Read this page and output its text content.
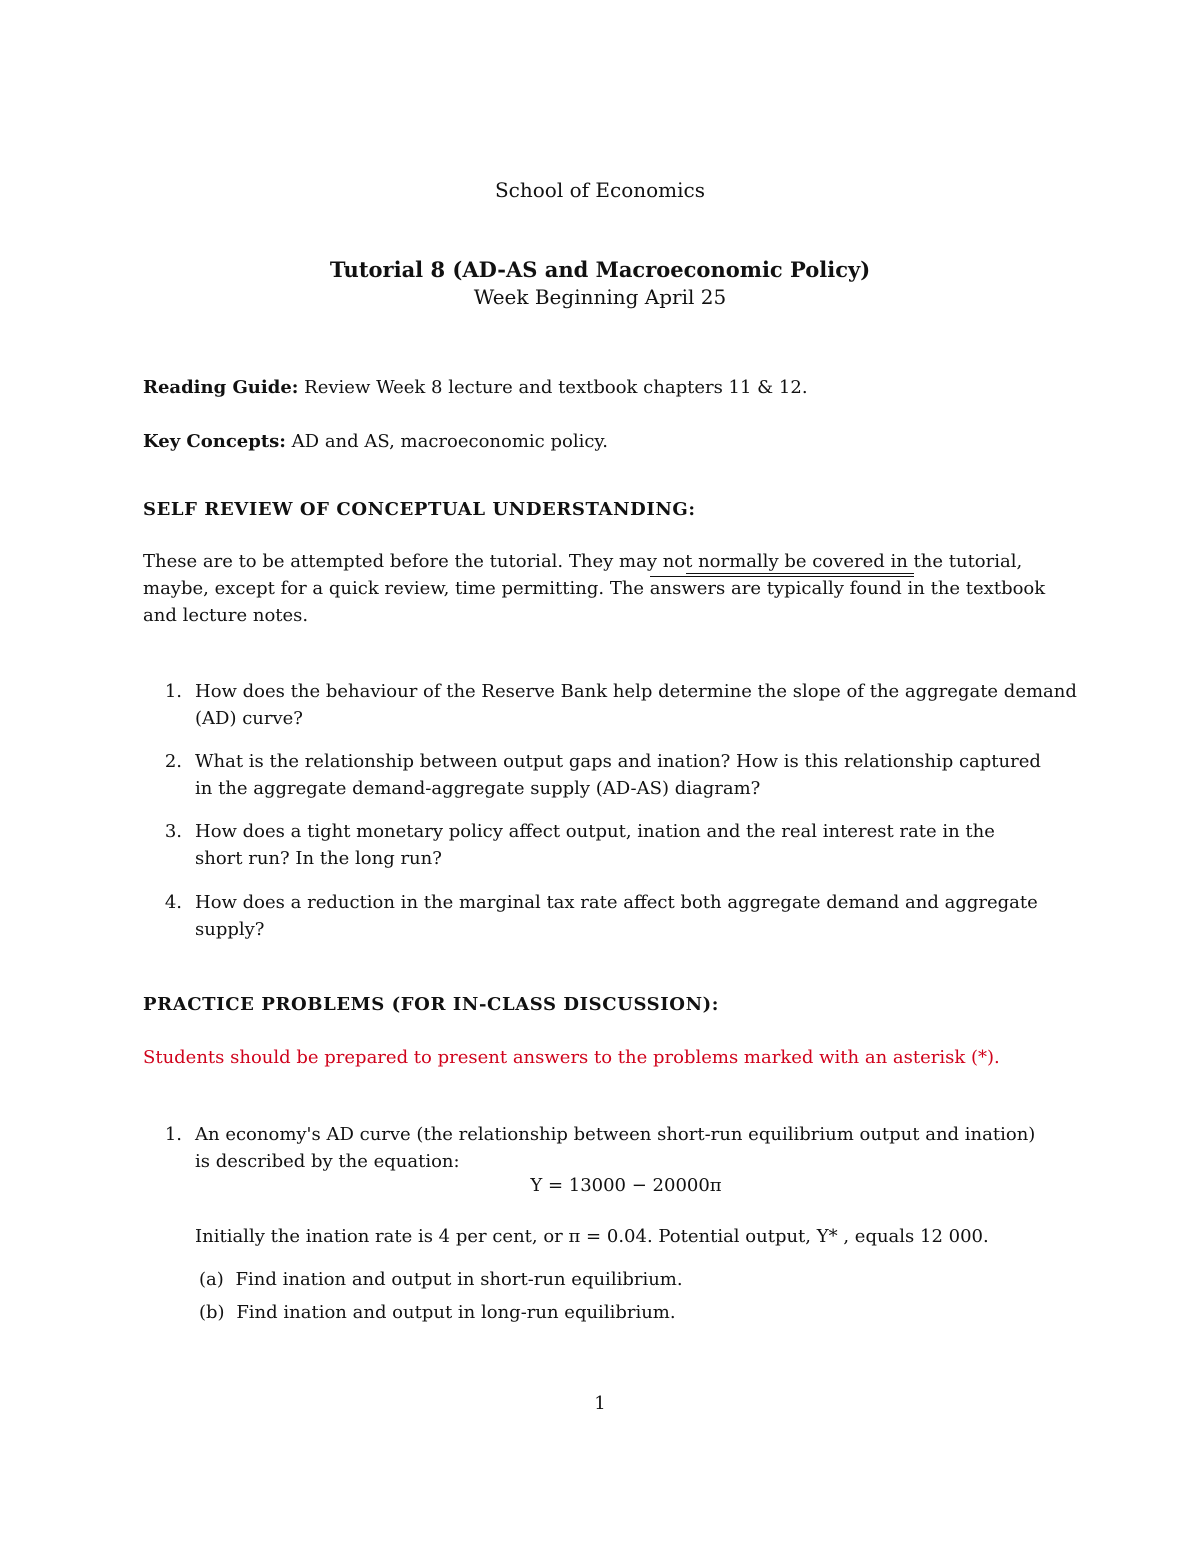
School of Economics
Tutorial 8 (AD-AS and Macroeconomic Policy)
Week Beginning April 25
Reading Guide: Review Week 8 lecture and textbook chapters 11 & 12.
Key Concepts: AD and AS, macroeconomic policy.
SELF REVIEW OF CONCEPTUAL UNDERSTANDING:
These are to be attempted before the tutorial. They may not normally be covered in the tutorial,
maybe, except for a quick review, time permitting. The answers are typically found in the textbook
and lecture notes.
1. How does the behaviour of the Reserve Bank help determine the slope of the aggregate demand
(AD) curve?
2. What is the relationship between output gaps and ination? How is this relationship captured
in the aggregate demand-aggregate supply (AD-AS) diagram?
3. How does a tight monetary policy affect output, ination and the real interest rate in the
short run? In the long run?
4. How does a reduction in the marginal tax rate affect both aggregate demand and aggregate
supply?
PRACTICE PROBLEMS (FOR IN-CLASS DISCUSSION):
Students should be prepared to present answers to the problems marked with an asterisk (*).
1. An economy's AD curve (the relationship between short-run equilibrium output and ination)
is described by the equation:
Y = 13000 − 20000π
Initially the ination rate is 4 per cent, or π = 0.04. Potential output, Y* , equals 12 000.
(a) Find ination and output in short-run equilibrium.
(b) Find ination and output in long-run equilibrium.
1
